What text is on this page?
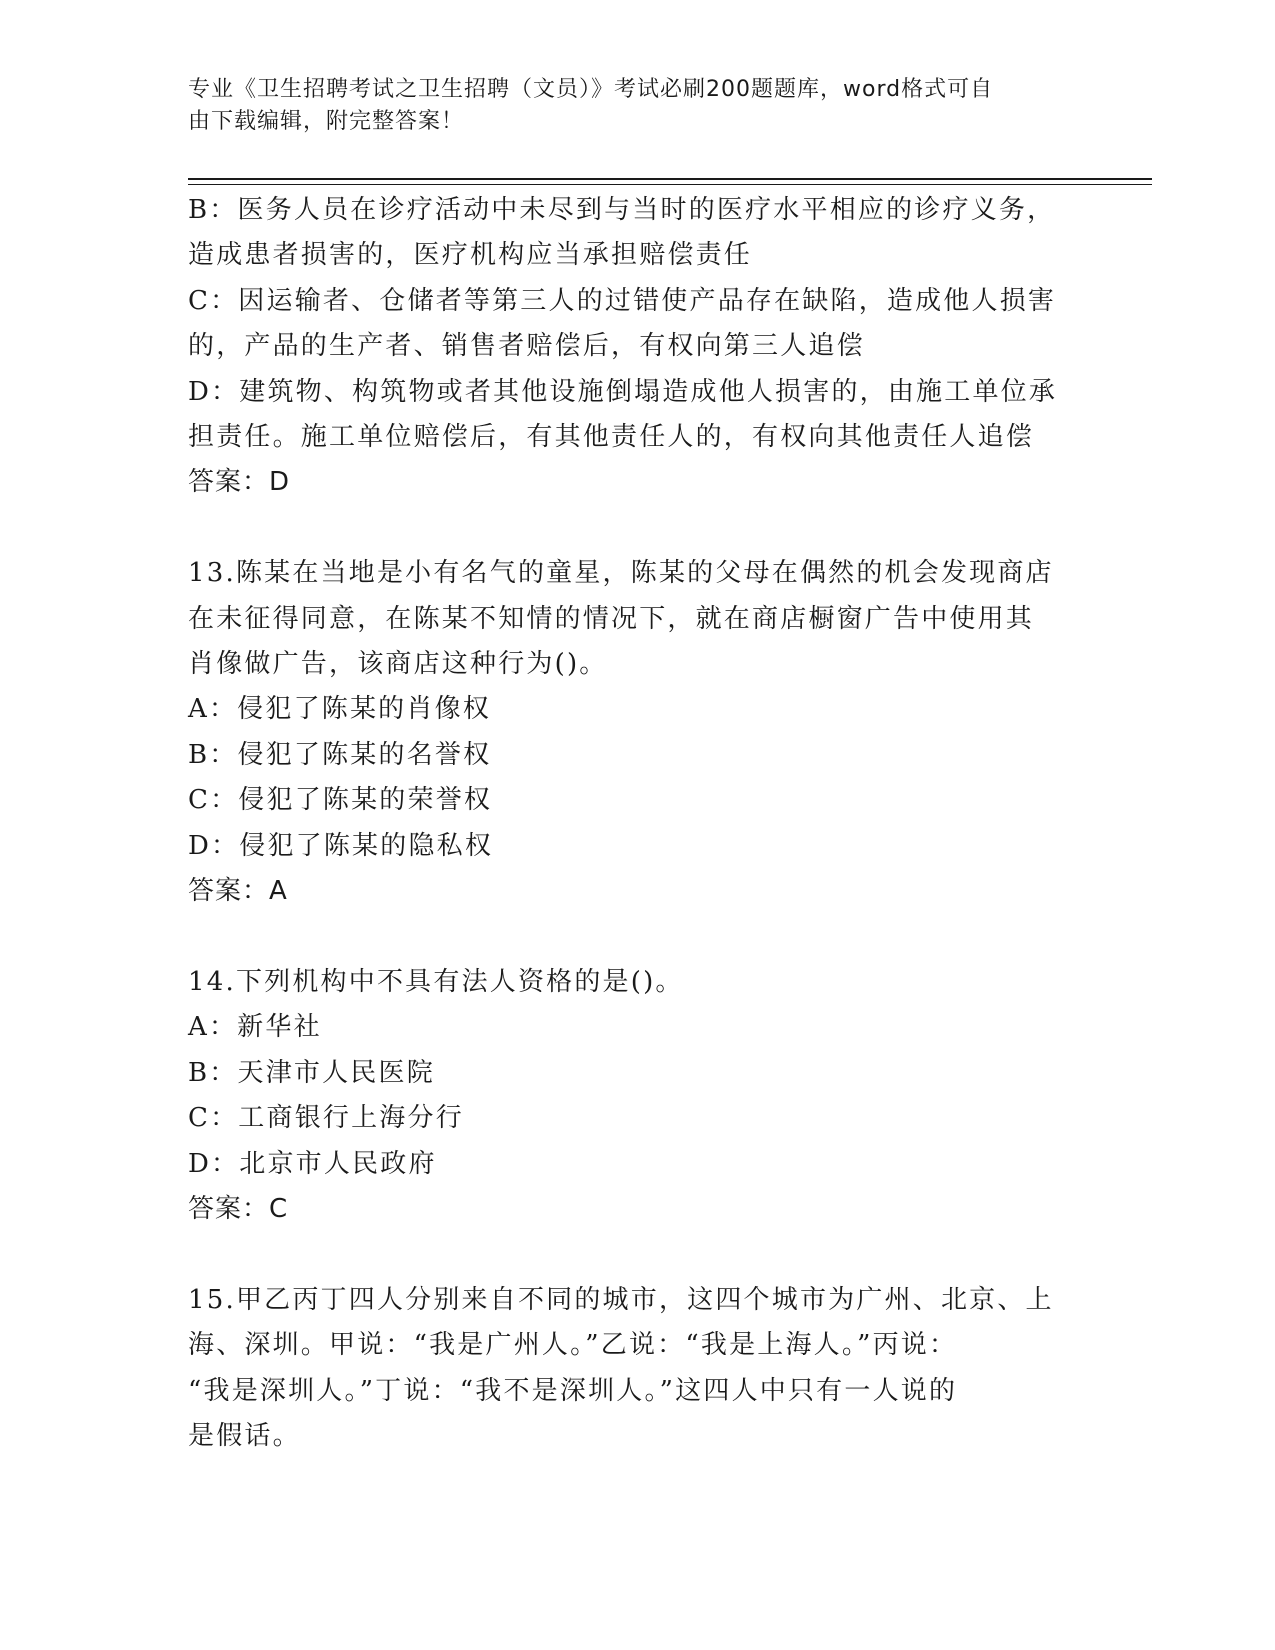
专业《卫生招聘考试之卫生招聘（文员）》考试必刷200题题库，word格式可自
由下载编辑，附完整答案！
B：医务人员在诊疗活动中未尽到与当时的医疗水平相应的诊疗义务，
造成患者损害的，医疗机构应当承担赔偿责任
C：因运输者、仓储者等第三人的过错使产品存在缺陷，造成他人损害
的，产品的生产者、销售者赔偿后，有权向第三人追偿
D：建筑物、构筑物或者其他设施倒塌造成他人损害的，由施工单位承
担责任。施工单位赔偿后，有其他责任人的，有权向其他责任人追偿
答案：D
13.陈某在当地是小有名气的童星，陈某的父母在偶然的机会发现商店
在未征得同意，在陈某不知情的情况下，就在商店橱窗广告中使用其
肖像做广告，该商店这种行为()。
A：侵犯了陈某的肖像权
B：侵犯了陈某的名誉权
C：侵犯了陈某的荣誉权
D：侵犯了陈某的隐私权
答案：A
14.下列机构中不具有法人资格的是()。
A：新华社
B：天津市人民医院
C：工商银行上海分行
D：北京市人民政府
答案：C
15.甲乙丙丁四人分别来自不同的城市，这四个城市为广州、北京、上
海、深圳。甲说：“我是广州人。”乙说：“我是上海人。”丙说：
“我是深圳人。”丁说：“我不是深圳人。”这四人中只有一人说的
是假话。
